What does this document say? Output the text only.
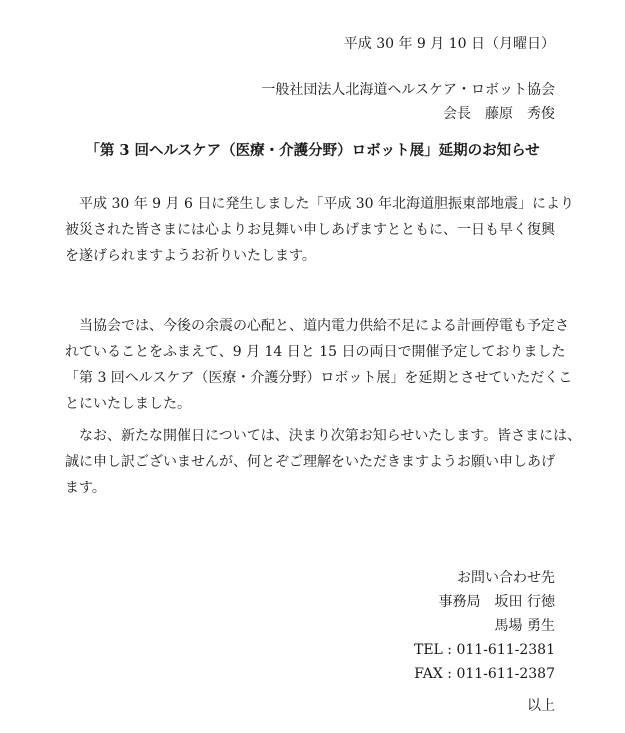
平成 30 年 9 月 10 日（月曜日）
一般社団法人北海道ヘルスケア・ロボット協会
会長　藤原　秀俊
「第 3 回ヘルスケア（医療・介護分野）ロボット展」延期のお知らせ
　平成 30 年 9 月 6 日に発生しました「平成 30 年北海道胆振東部地震」により
被災された皆さまには心よりお見舞い申しあげますとともに、一日も早く復興
を遂げられますようお祈りいたします。
　当協会では、今後の余震の心配と、道内電力供給不足による計画停電も予定さ
れていることをふまえて、9 月 14 日と 15 日の両日で開催予定しておりました
「第 3 回ヘルスケア（医療・介護分野）ロボット展」を延期とさせていただくこ
とにいたしました。
　なお、新たな開催日については、決まり次第お知らせいたします。皆さまには、
誠に申し訳ございませんが、何とぞご理解をいただきますようお願い申しあげ
ます。
お問い合わせ先
事務局　坂田 行徳
馬場 勇生
TEL : 011-611-2381
FAX : 011-611-2387
以上
